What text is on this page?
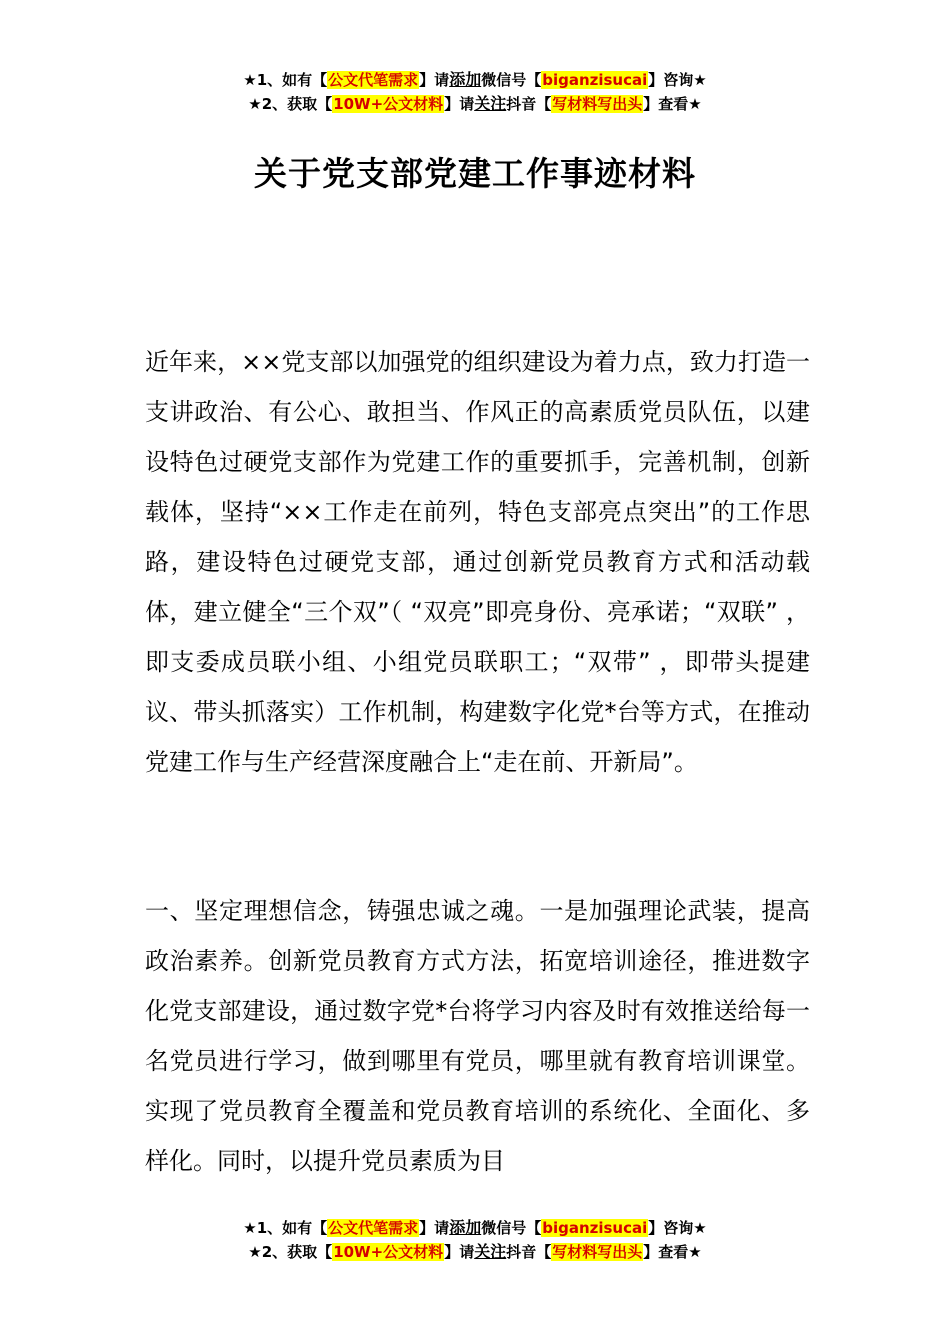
★1、如有【公文代笔需求】请添加微信号【biganzisucai】咨询★
★2、获取【10W+公文材料】请关注抖音【写材料写出头】查看★
关于党支部党建工作事迹材料

近年来，××党支部以加强党的组织建设为着力点，致力打造一支讲政治、有公心、敢担当、作风正的高素质党员队伍，以建设特色过硬党支部作为党建工作的重要抓手，完善机制，创新载体，坚持“××工作走在前列，特色支部亮点突出”的工作思路，建设特色过硬党支部，通过创新党员教育方式和活动载体，建立健全“三个双”（ “双亮”即亮身份、亮承诺；“双联” ，即支委成员联小组、小组党员联职工；“双带” ，即带头提建议、带头抓落实）工作机制，构建数字化党*台等方式，在推动党建工作与生产经营深度融合上“走在前、开新局”。

一、坚定理想信念，铸强忠诚之魂。一是加强理论武装，提高政治素养。创新党员教育方式方法，拓宽培训途径，推进数字化党支部建设，通过数字党*台将学习内容及时有效推送给每一名党员进行学习，做到哪里有党员，哪里就有教育培训课堂。实现了党员教育全覆盖和党员教育培训的系统化、全面化、多样化。同时，以提升党员素质为目

★1、如有【公文代笔需求】请添加微信号【biganzisucai】咨询★
★2、获取【10W+公文材料】请关注抖音【写材料写出头】查看★
